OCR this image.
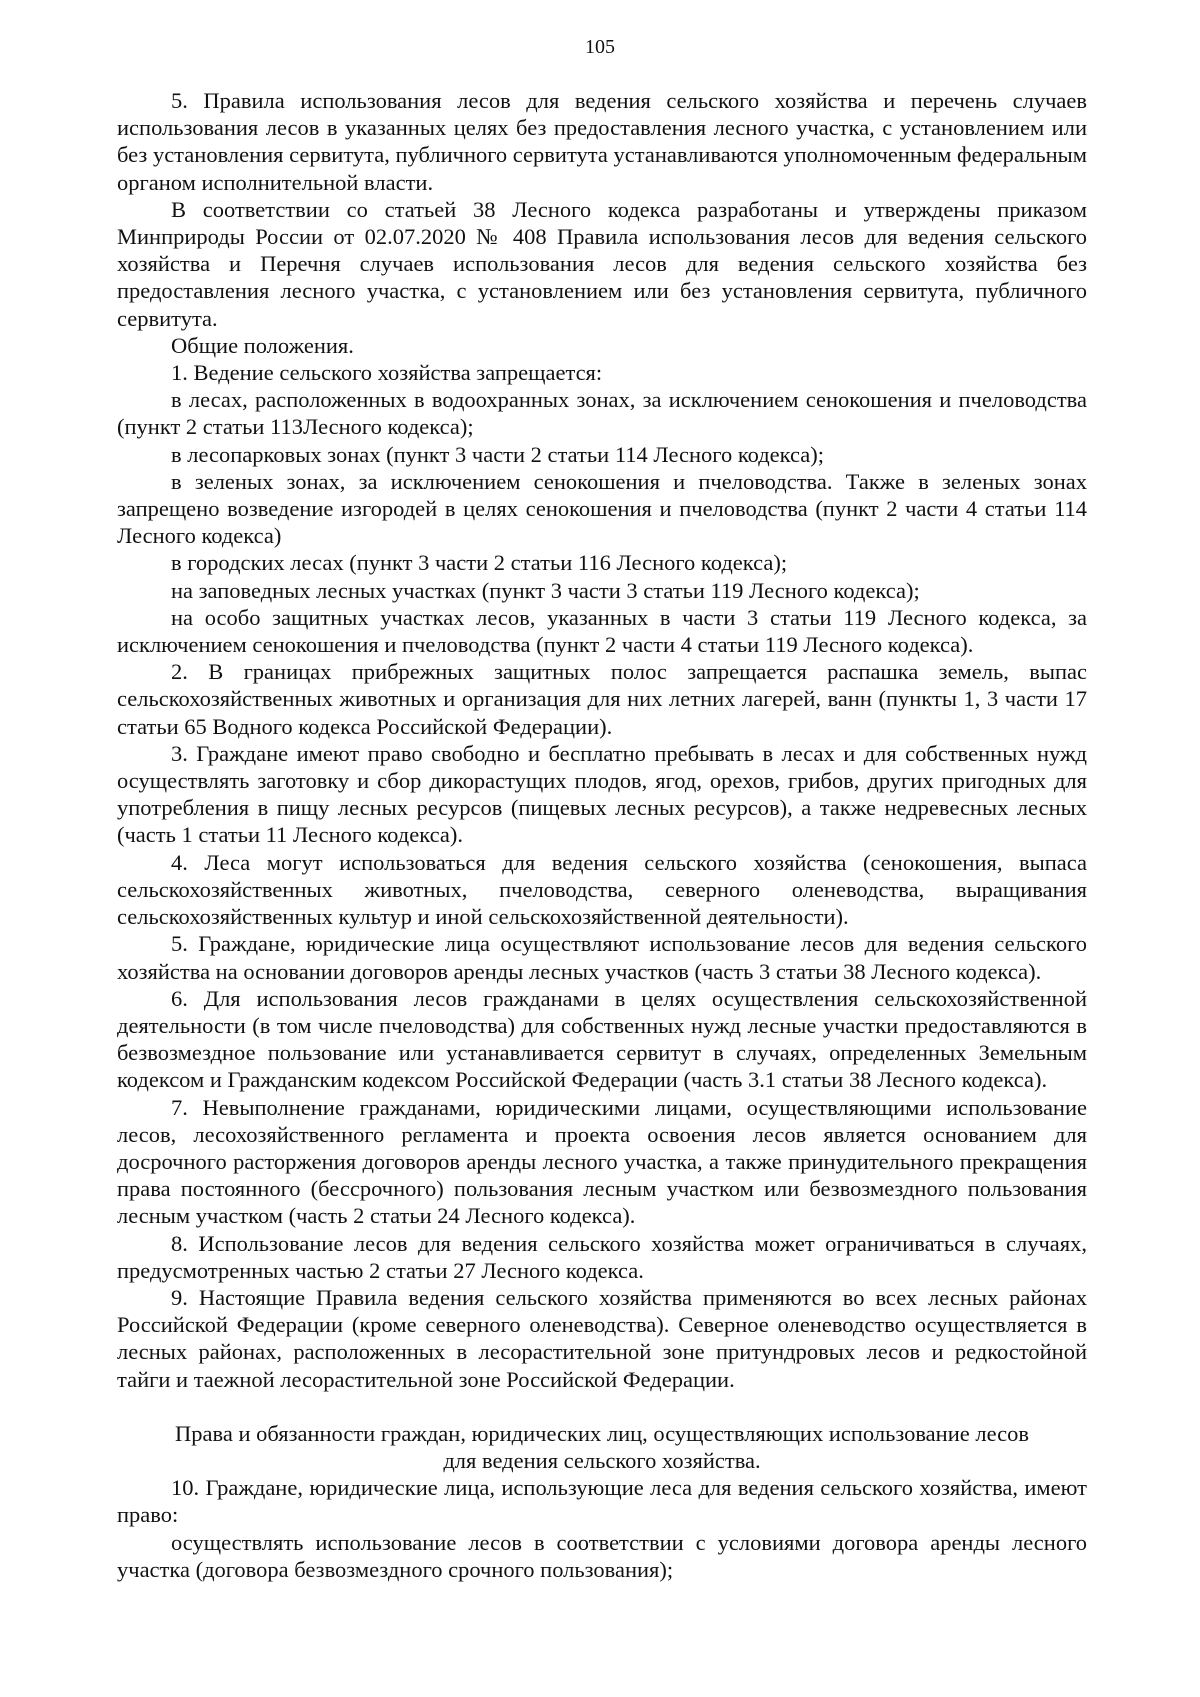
105

5. Правила использования лесов для ведения сельского хозяйства и перечень случаев использования лесов в указанных целях без предоставления лесного участка, с установлением или без установления сервитута, публичного сервитута устанавливаются уполномоченным федеральным органом исполнительной власти.

В соответствии со статьей 38 Лесного кодекса разработаны и утверждены приказом Минприроды России от 02.07.2020 № 408 Правила использования лесов для ведения сельского хозяйства и Перечня случаев использования лесов для ведения сельского хозяйства без предоставления лесного участка, с установлением или без установления сервитута, публичного сервитута.

Общие положения.

1. Ведение сельского хозяйства запрещается:

в лесах, расположенных в водоохранных зонах, за исключением сенокошения и пчеловодства (пункт 2 статьи 113Лесного кодекса);

в лесопарковых зонах (пункт 3 части 2 статьи 114 Лесного кодекса);

в зеленых зонах, за исключением сенокошения и пчеловодства. Также в зеленых зонах запрещено возведение изгородей в целях сенокошения и пчеловодства (пункт 2 части 4 статьи 114 Лесного кодекса)

в городских лесах (пункт 3 части 2 статьи 116 Лесного кодекса);

на заповедных лесных участках (пункт 3 части 3 статьи 119 Лесного кодекса);

на особо защитных участках лесов, указанных в части 3 статьи 119 Лесного кодекса, за исключением сенокошения и пчеловодства (пункт 2 части 4 статьи 119 Лесного кодекса).

2. В границах прибрежных защитных полос запрещается распашка земель, выпас сельскохозяйственных животных и организация для них летних лагерей, ванн (пункты 1, 3 части 17 статьи 65 Водного кодекса Российской Федерации).

3. Граждане имеют право свободно и бесплатно пребывать в лесах и для собственных нужд осуществлять заготовку и сбор дикорастущих плодов, ягод, орехов, грибов, других пригодных для употребления в пищу лесных ресурсов (пищевых лесных ресурсов), а также недревесных лесных (часть 1 статьи 11 Лесного кодекса).

4. Леса могут использоваться для ведения сельского хозяйства (сенокошения, выпаса сельскохозяйственных животных, пчеловодства, северного оленеводства, выращивания сельскохозяйственных культур и иной сельскохозяйственной деятельности).

5. Граждане, юридические лица осуществляют использование лесов для ведения сельского хозяйства на основании договоров аренды лесных участков (часть 3 статьи 38 Лесного кодекса).

6. Для использования лесов гражданами в целях осуществления сельскохозяйственной деятельности (в том числе пчеловодства) для собственных нужд лесные участки предоставляются в безвозмездное пользование или устанавливается сервитут в случаях, определенных Земельным кодексом и Гражданским кодексом Российской Федерации (часть 3.1 статьи 38 Лесного кодекса).

7. Невыполнение гражданами, юридическими лицами, осуществляющими использование лесов, лесохозяйственного регламента и проекта освоения лесов является основанием для досрочного расторжения договоров аренды лесного участка, а также принудительного прекращения права постоянного (бессрочного) пользования лесным участком или безвозмездного пользования лесным участком (часть 2 статьи 24 Лесного кодекса).

8. Использование лесов для ведения сельского хозяйства может ограничиваться в случаях, предусмотренных частью 2 статьи 27 Лесного кодекса.

9. Настоящие Правила ведения сельского хозяйства применяются во всех лесных районах Российской Федерации (кроме северного оленеводства). Северное оленеводство осуществляется в лесных районах, расположенных в лесорастительной зоне притундровых лесов и редкостойной тайги и таежной лесорастительной зоне Российской Федерации.

Права и обязанности граждан, юридических лиц, осуществляющих использование лесов
для ведения сельского хозяйства.

10. Граждане, юридические лица, использующие леса для ведения сельского хозяйства, имеют право:

осуществлять использование лесов в соответствии с условиями договора аренды лесного участка (договора безвозмездного срочного пользования);
